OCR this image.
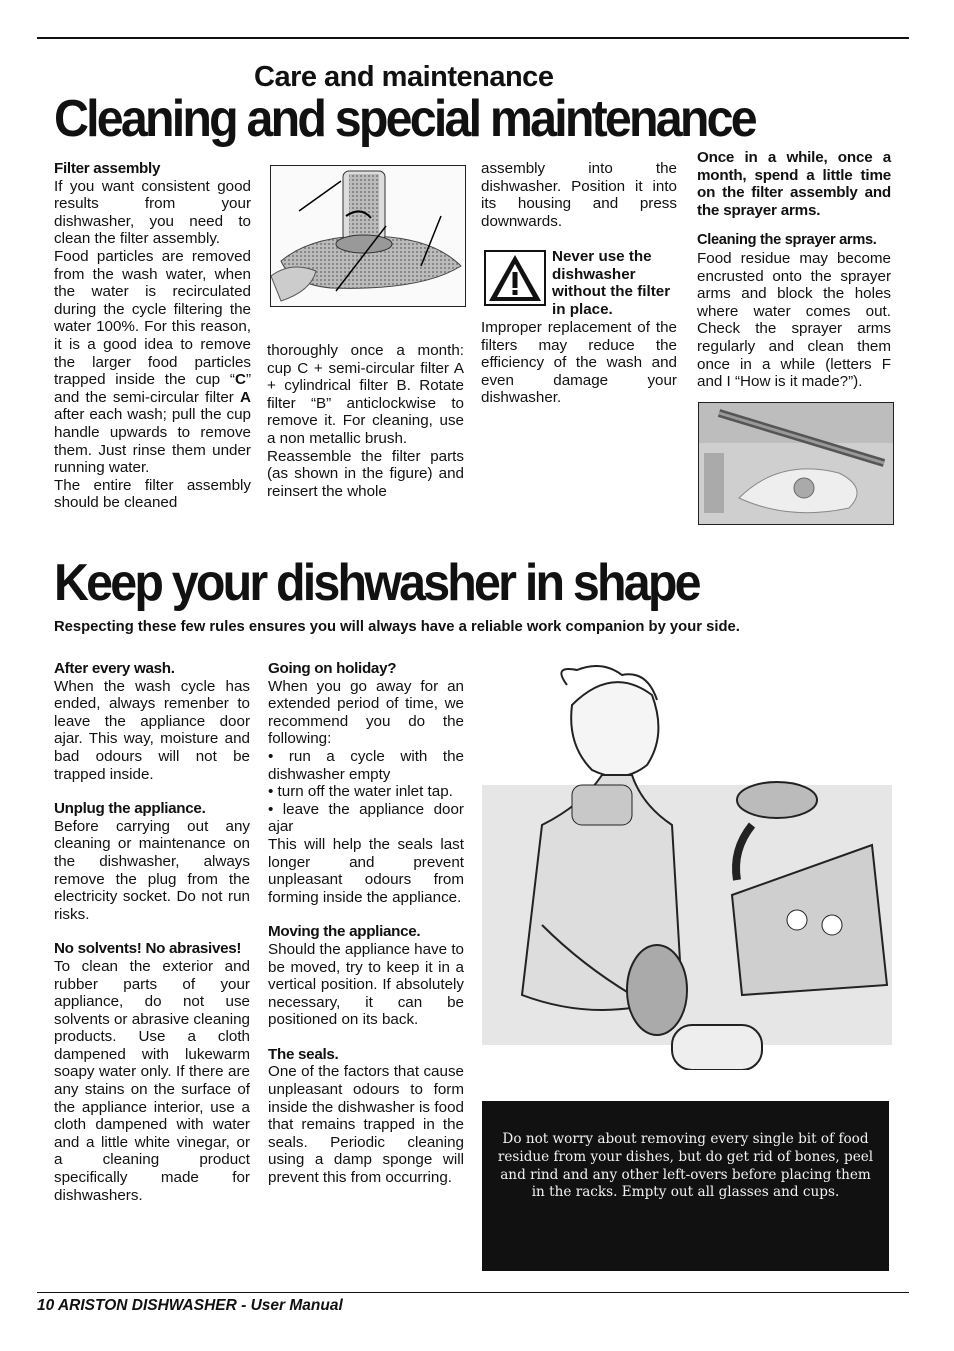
Care and maintenance
Cleaning and special maintenance

Filter assembly

If you want consistent good results from your dishwasher, you need to clean the filter assembly.

Food particles are removed from the wash water, when the water is recirculated during the cycle filtering the water 100%. For this reason, it is a good idea to remove the larger food particles trapped inside the cup “C” and the semi-circular filter A after each wash; pull the cup handle upwards to remove them. Just rinse them under running water.

The entire filter assembly should be cleaned

thoroughly once a month: cup C + semi-circular filter A + cylindrical filter B. Rotate filter “B” anticlockwise to remove it. For cleaning, use a non metallic brush.

Reassemble the filter parts (as shown in the figure) and reinsert the whole

assembly into the dishwasher. Position it into its housing and press downwards.

Never use the dishwasher without the filter in place.

Improper replacement of the filters may reduce the efficiency of the wash and even damage your dishwasher.

Once in a while, once a month, spend a little time on the filter assembly and the sprayer arms.

Cleaning the sprayer arms.

Food residue may become encrusted onto the sprayer arms and block the holes where water comes out. Check the sprayer arms regularly and clean them once in a while (letters F and I “How is it made?”).

Keep your dishwasher in shape
Respecting these few rules ensures you will always have a reliable work companion by your side.

After every wash.

When the wash cycle has ended, always remenber to leave the appliance door ajar. This way, moisture and bad odours will not be trapped inside.

Unplug the appliance.

Before carrying out any cleaning or maintenance on the dishwasher, always remove the plug from the electricity socket. Do not run risks.

No solvents! No abrasives!

To clean the exterior and rubber parts of your appliance, do not use solvents or abrasive cleaning products. Use a cloth dampened with lukewarm soapy water only. If there are any stains on the surface of the appliance interior, use a cloth dampened with water and a little white vinegar, or a cleaning product specifically made for dishwashers.

Going on holiday?

When you go away for an extended period of time, we recommend you do the following:

• run a cycle with the dishwasher empty

• turn off the water inlet tap.

• leave the appliance door ajar

This will help the seals last longer and prevent unpleasant odours from forming inside the appliance.

Moving the appliance.

Should the appliance have to be moved, try to keep it in a vertical position. If absolutely necessary, it can be positioned on its back.

The seals.

One of the factors that cause unpleasant odours to form inside the dishwasher is food that remains trapped in the seals. Periodic cleaning using a damp sponge will prevent this from occurring.

Do not worry about removing every single bit of food residue from your dishes, but do get rid of bones, peel and rind and any other left-overs before placing them in the racks. Empty out all glasses and cups.
10 ARISTON DISHWASHER - User Manual
